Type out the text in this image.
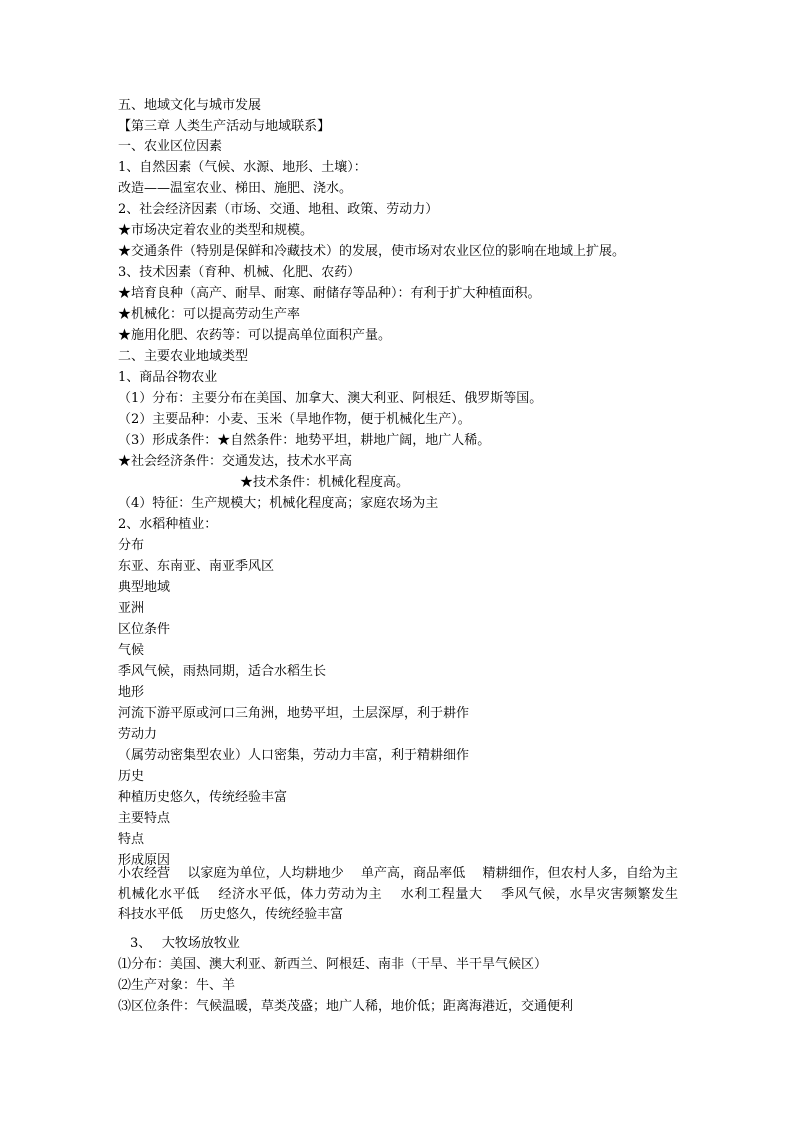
五、地域文化与城市发展
【第三章 人类生产活动与地域联系】
一、农业区位因素
1、自然因素（气候、水源、地形、土壤）：
改造——温室农业、梯田、施肥、浇水。
2、社会经济因素（市场、交通、地租、政策、劳动力）
★市场决定着农业的类型和规模。
★交通条件（特别是保鲜和冷藏技术）的发展，使市场对农业区位的影响在地域上扩展。
3、技术因素（育种、机械、化肥、农药）
★培育良种（高产、耐旱、耐寒、耐储存等品种）：有利于扩大种植面积。
★机械化：可以提高劳动生产率
★施用化肥、农药等：可以提高单位面积产量。
二、主要农业地域类型
1、商品谷物农业
（1）分布：主要分布在美国、加拿大、澳大利亚、阿根廷、俄罗斯等国。
（2）主要品种：小麦、玉米（旱地作物，便于机械化生产）。
（3）形成条件：★自然条件：地势平坦，耕地广阔，地广人稀。
★社会经济条件：交通发达，技术水平高
★技术条件：机械化程度高。
（4）特征：生产规模大；机械化程度高；家庭农场为主
2、水稻种植业：
分布
东亚、东南亚、南亚季风区
典型地域
亚洲
区位条件
气候
季风气候，雨热同期，适合水稻生长
地形
河流下游平原或河口三角洲，地势平坦，土层深厚，利于耕作
劳动力
（属劳动密集型农业）人口密集，劳动力丰富，利于精耕细作
历史
种植历史悠久，传统经验丰富
主要特点
特点
形成原因
小农经营　 以家庭为单位，人均耕地少　 单产高，商品率低　 精耕细作，但农村人多，自给为主　 机械化水平低　 经济水平低，体力劳动为主　 水利工程量大　 季风气候，水旱灾害频繁发生　 科技水平低　 历史悠久，传统经验丰富
3、　 大牧场放牧业
⑴分布：美国、澳大利亚、新西兰、阿根廷、南非（干旱、半干旱气候区）
⑵生产对象：牛、羊
⑶区位条件：气候温暖，草类茂盛；地广人稀，地价低；距离海港近，交通便利
